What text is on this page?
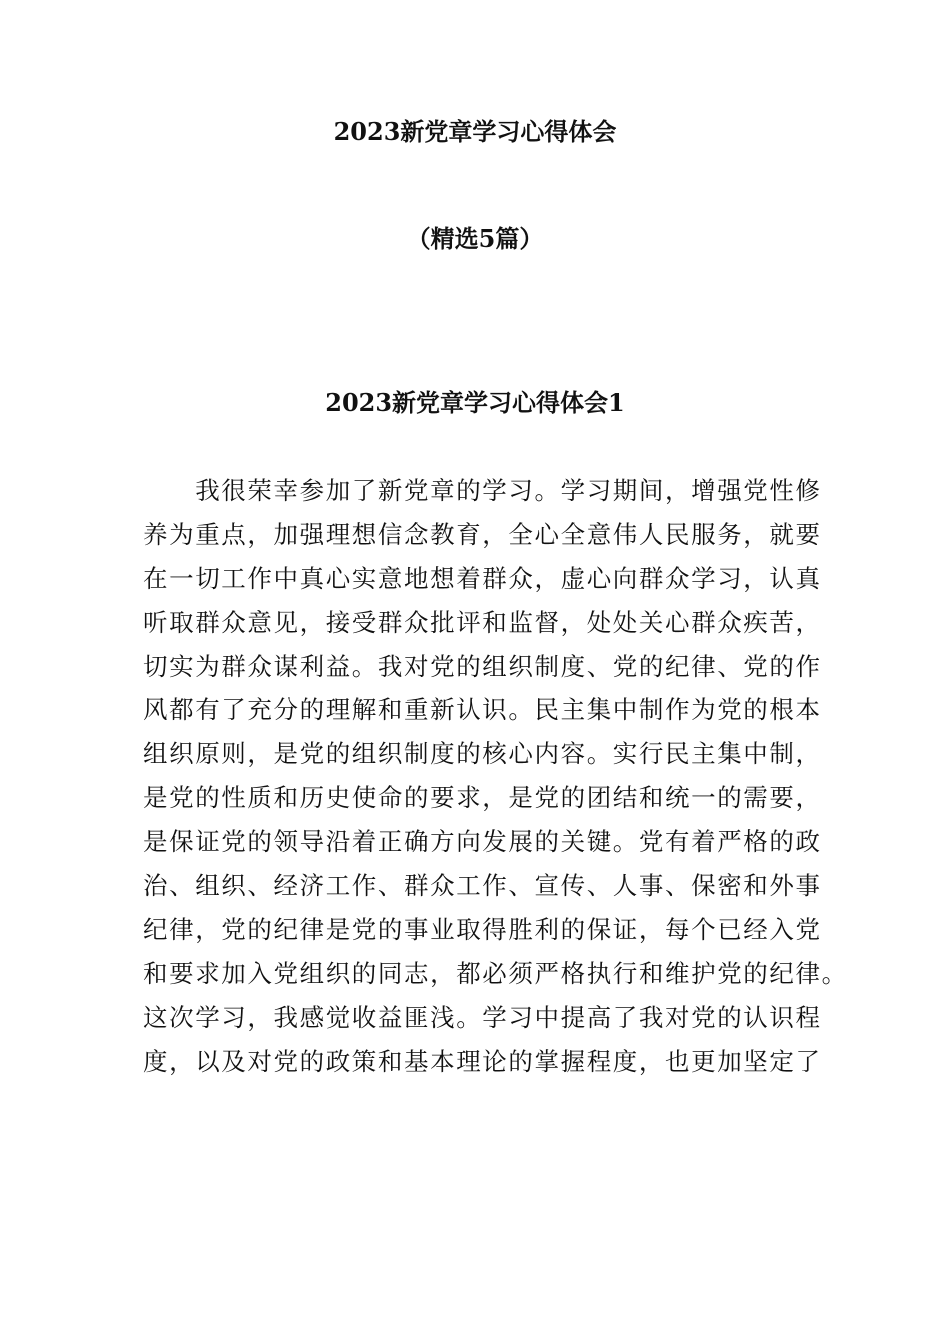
2023新党章学习心得体会
（精选5篇）
2023新党章学习心得体会1
　　我很荣幸参加了新党章的学习。学习期间，增强党性修
养为重点，加强理想信念教育，全心全意伟人民服务，就要
在一切工作中真心实意地想着群众，虚心向群众学习，认真
听取群众意见，接受群众批评和监督，处处关心群众疾苦，
切实为群众谋利益。我对党的组织制度、党的纪律、党的作
风都有了充分的理解和重新认识。民主集中制作为党的根本
组织原则，是党的组织制度的核心内容。实行民主集中制，
是党的性质和历史使命的要求，是党的团结和统一的需要，
是保证党的领导沿着正确方向发展的关键。党有着严格的政
治、组织、经济工作、群众工作、宣传、人事、保密和外事
纪律，党的纪律是党的事业取得胜利的保证，每个已经入党
和要求加入党组织的同志，都必须严格执行和维护党的纪律。
这次学习，我感觉收益匪浅。学习中提高了我对党的认识程
度，以及对党的政策和基本理论的掌握程度，也更加坚定了
